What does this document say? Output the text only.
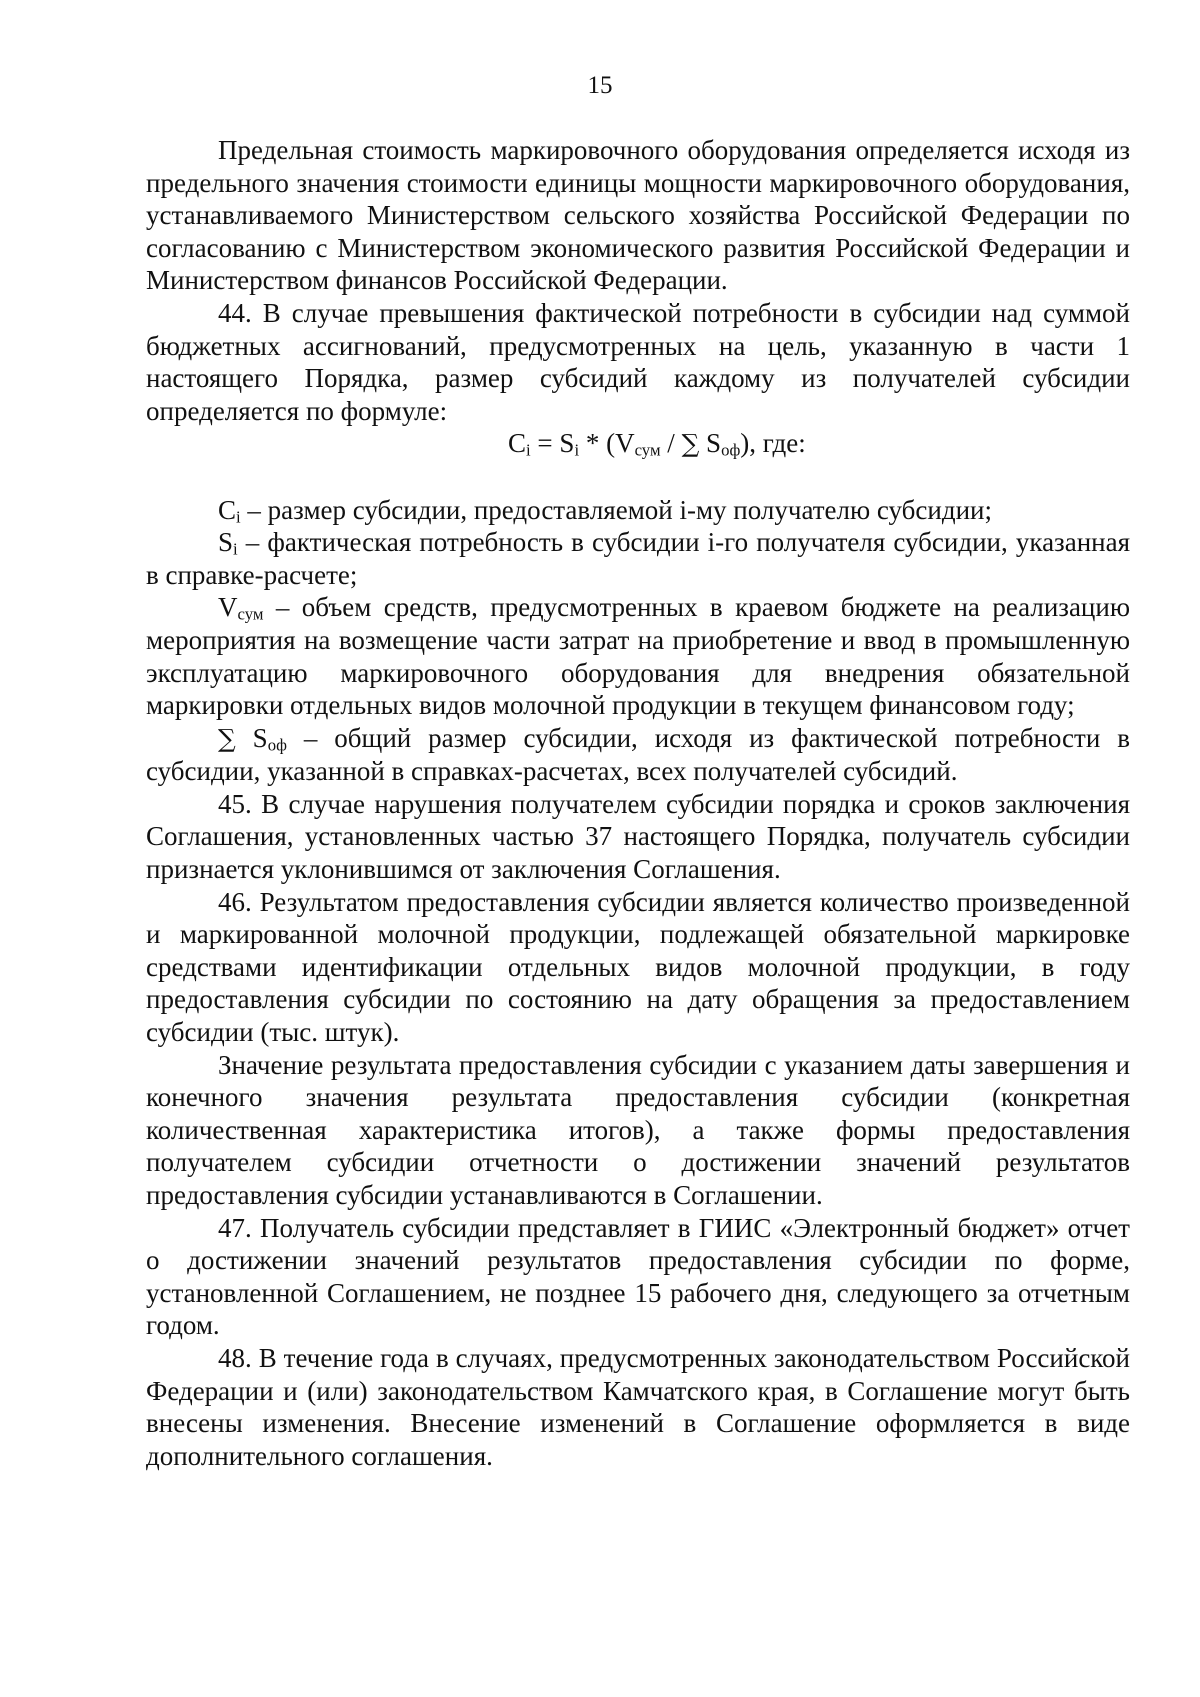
15

Предельная стоимость маркировочного оборудования определяется исходя из предельного значения стоимости единицы мощности маркировочного оборудования, устанавливаемого Министерством сельского хозяйства Российской Федерации по согласованию с Министерством экономического развития Российской Федерации и Министерством финансов Российской Федерации.

44. В случае превышения фактической потребности в субсидии над суммой бюджетных ассигнований, предусмотренных на цель, указанную в части 1 настоящего Порядка, размер субсидий каждому из получателей субсидии определяется по формуле:

$C_i = S_i * (V_{сум}$ / ∑ $S_{оф}$), где:

$C_i$ – размер субсидии, предоставляемой i-му получателю субсидии;

$S_i$ – фактическая потребность в субсидии i-го получателя субсидии, указанная в справке-расчете;

$V_{сум}$ – объем средств, предусмотренных в краевом бюджете на реализацию мероприятия на возмещение части затрат на приобретение и ввод в промышленную эксплуатацию маркировочного оборудования для внедрения обязательной маркировки отдельных видов молочной продукции в текущем финансовом году;

∑ $S_{оф}$ – общий размер субсидии, исходя из фактической потребности в субсидии, указанной в справках-расчетах, всех получателей субсидий.

45. В случае нарушения получателем субсидии порядка и сроков заключения Соглашения, установленных частью 37 настоящего Порядка, получатель субсидии признается уклонившимся от заключения Соглашения.

46. Результатом предоставления субсидии является количество произведенной и маркированной молочной продукции, подлежащей обязательной маркировке средствами идентификации отдельных видов молочной продукции, в году предоставления субсидии по состоянию на дату обращения за предоставлением субсидии (тыс. штук).

Значение результата предоставления субсидии с указанием даты завершения и конечного значения результата предоставления субсидии (конкретная количественная характеристика итогов), а также формы предоставления получателем субсидии отчетности о достижении значений результатов предоставления субсидии устанавливаются в Соглашении.

47. Получатель субсидии представляет в ГИИС «Электронный бюджет» отчет о достижении значений результатов предоставления субсидии по форме, установленной Соглашением, не позднее 15 рабочего дня, следующего за отчетным годом.

48. В течение года в случаях, предусмотренных законодательством Российской Федерации и (или) законодательством Камчатского края, в Соглашение могут быть внесены изменения. Внесение изменений в Соглашение оформляется в виде дополнительного соглашения.
